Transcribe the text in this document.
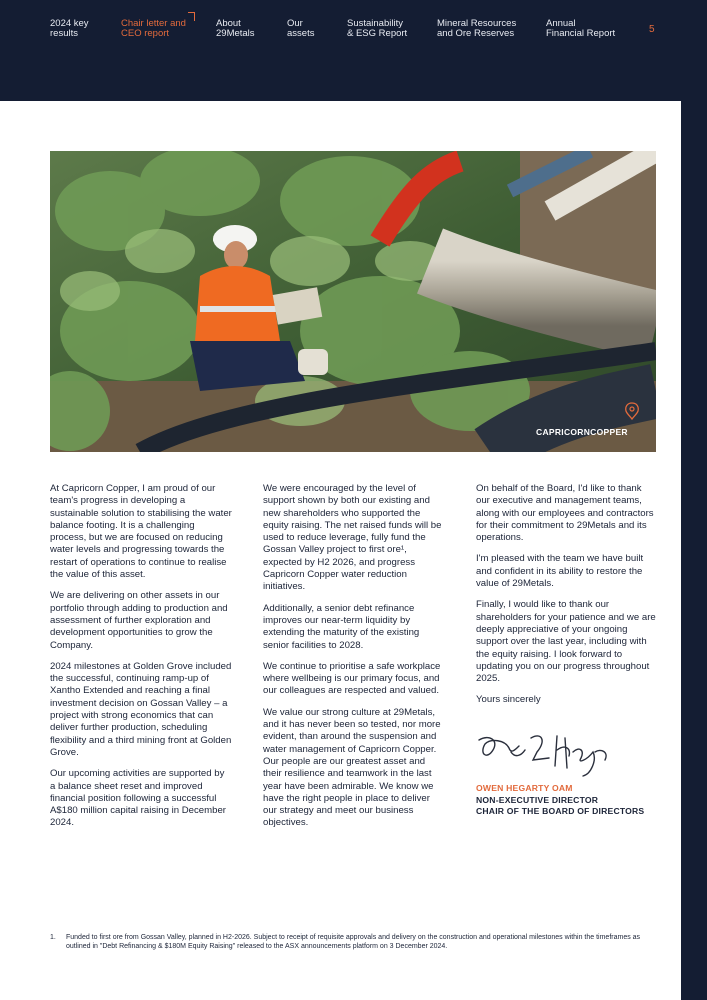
2024 key
results
Chair letter and
CEO report
About
29Metals
Our
assets
Sustainability
& ESG Report
Mineral Resources
and Ore Reserves
Annual
Financial Report	5
CAPRICORNCOPPER

At Capricorn Copper, I am proud of our team's progress in developing a sustainable solution to stabilising the water balance footing. It is a challenging process, but we are focused on reducing water levels and progressing towards the restart of operations to continue to realise the value of this asset.

We are delivering on other assets in our portfolio through adding to production and assessment of further exploration and development opportunities to grow the Company.

2024 milestones at Golden Grove included the successful, continuing ramp-up of Xantho Extended and reaching a final investment decision on Gossan Valley – a project with strong economics that can deliver further production, scheduling flexibility and a third mining front at Golden Grove.

Our upcoming activities are supported by a balance sheet reset and improved financial position following a successful A$180 million capital raising in December 2024.

We were encouraged by the level of support shown by both our existing and new shareholders who supported the equity raising. The net raised funds will be used to reduce leverage, fully fund the Gossan Valley project to first ore¹, expected by H2 2026, and progress Capricorn Copper water reduction initiatives.

Additionally, a senior debt refinance improves our near-term liquidity by extending the maturity of the existing senior facilities to 2028.

We continue to prioritise a safe workplace where wellbeing is our primary focus, and our colleagues are respected and valued.

We value our strong culture at 29Metals, and it has never been so tested, nor more evident, than around the suspension and water management of Capricorn Copper. Our people are our greatest asset and their resilience and teamwork in the last year have been admirable. We know we have the right people in place to deliver our strategy and meet our business objectives.

On behalf of the Board, I'd like to thank our executive and management teams, along with our employees and contractors for their commitment to 29Metals and its operations.

I'm pleased with the team we have built and confident in its ability to restore the value of 29Metals.

Finally, I would like to thank our shareholders for your patience and we are deeply appreciative of your ongoing support over the last year, including with the equity raising. I look forward to updating you on our progress throughout 2025.

Yours sincerely

OWEN HEGARTY OAM
NON-EXECUTIVE DIRECTOR
CHAIR OF THE BOARD OF DIRECTORS
1. Funded to first ore from Gossan Valley, planned in H2-2026. Subject to receipt of requisite approvals and delivery on the construction and operational milestones within the timeframes as outlined in "Debt Refinancing & $180M Equity Raising" released to the ASX announcements platform on 3 December 2024.
